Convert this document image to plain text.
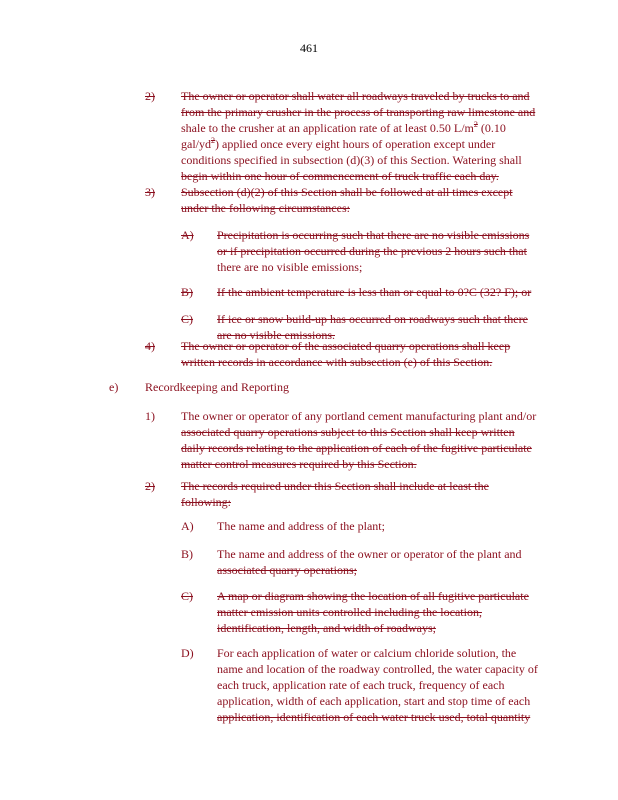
461
2) The owner or operator shall water all roadways traveled by trucks to and
from the primary crusher in the process of transporting raw limestone and
shale to the crusher at an application rate of at least 0.50 $L/m^2$ (0.10
gal/$yd^2$) applied once every eight hours of operation except under
conditions specified in subsection (d)(3) of this Section. Watering shall
begin within one hour of commencement of truck traffic each day.
3) Subsection (d)(2) of this Section shall be followed at all times except
under the following circumstances:
A) Precipitation is occurring such that there are no visible emissions
or if precipitation occurred during the previous 2 hours such that
there are no visible emissions;
B) If the ambient temperature is less than or equal to 0?C (32? F); or
C) If ice or snow build-up has occurred on roadways such that there
are no visible emissions.
4) The owner or operator of the associated quarry operations shall keep
written records in accordance with subsection (e) of this Section.
e) Recordkeeping and Reporting
1) The owner or operator of any portland cement manufacturing plant and/or
associated quarry operations subject to this Section shall keep written
daily records relating to the application of each of the fugitive particulate
matter control measures required by this Section.
2) The records required under this Section shall include at least the
following:
A) The name and address of the plant;
B) The name and address of the owner or operator of the plant and
associated quarry operations;
C) A map or diagram showing the location of all fugitive particulate
matter emission units controlled including the location,
identification, length, and width of roadways;
D) For each application of water or calcium chloride solution, the
name and location of the roadway controlled, the water capacity of
each truck, application rate of each truck, frequency of each
application, width of each application, start and stop time of each
application, identification of each water truck used, total quantity
